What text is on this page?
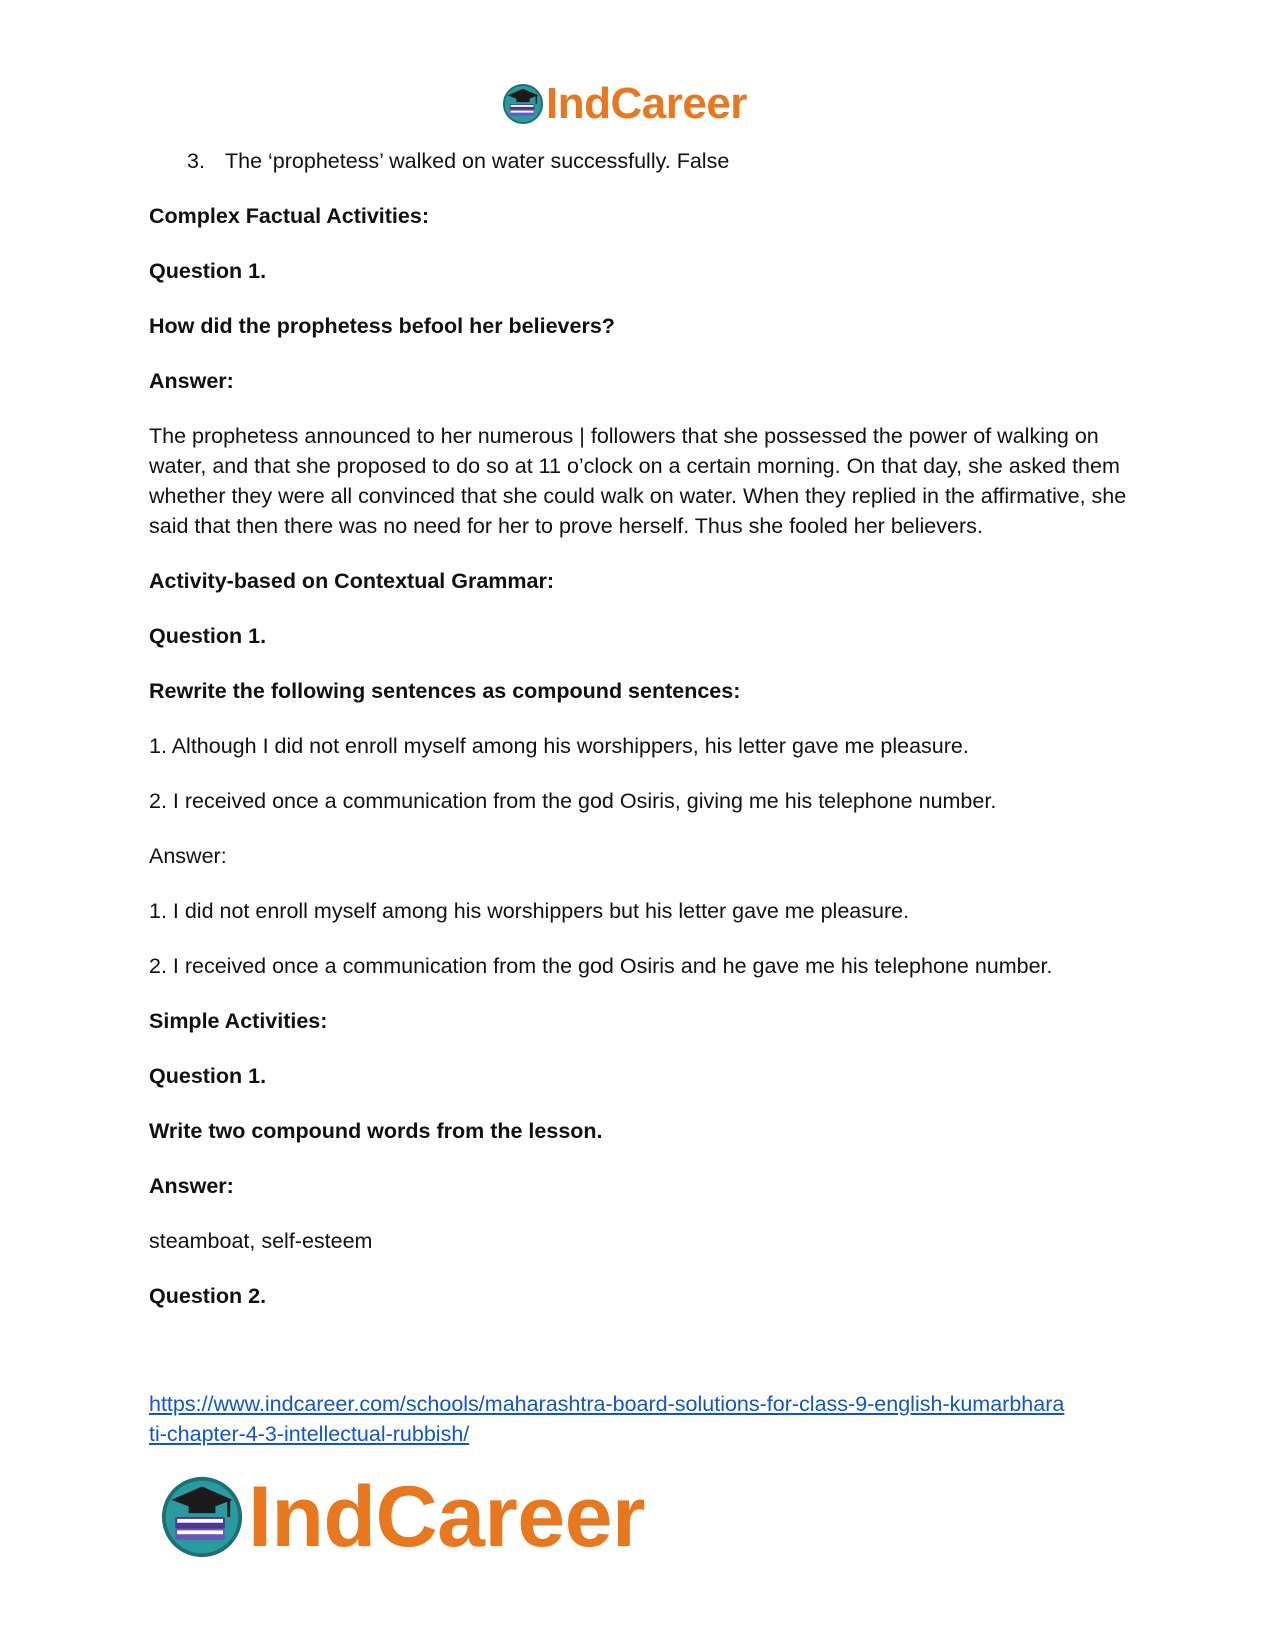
IndCareer

3. The ‘prophetess’ walked on water successfully. False

Complex Factual Activities:

Question 1.

How did the prophetess befool her believers?

Answer:

The prophetess announced to her numerous | followers that she possessed the power of walking on water, and that she proposed to do so at 11 o’clock on a certain morning. On that day, she asked them whether they were all convinced that she could walk on water. When they replied in the affirmative, she said that then there was no need for her to prove herself. Thus she fooled her believers.

Activity-based on Contextual Grammar:

Question 1.

Rewrite the following sentences as compound sentences:

1. Although I did not enroll myself among his worshippers, his letter gave me pleasure.

2. I received once a communication from the god Osiris, giving me his telephone number.

Answer:

1. I did not enroll myself among his worshippers but his letter gave me pleasure.

2. I received once a communication from the god Osiris and he gave me his telephone number.

Simple Activities:

Question 1.

Write two compound words from the lesson.

Answer:

steamboat, self-esteem

Question 2.

https://www.indcareer.com/schools/maharashtra-board-solutions-for-class-9-english-kumarbhara
ti-chapter-4-3-intellectual-rubbish/
IndCareer
